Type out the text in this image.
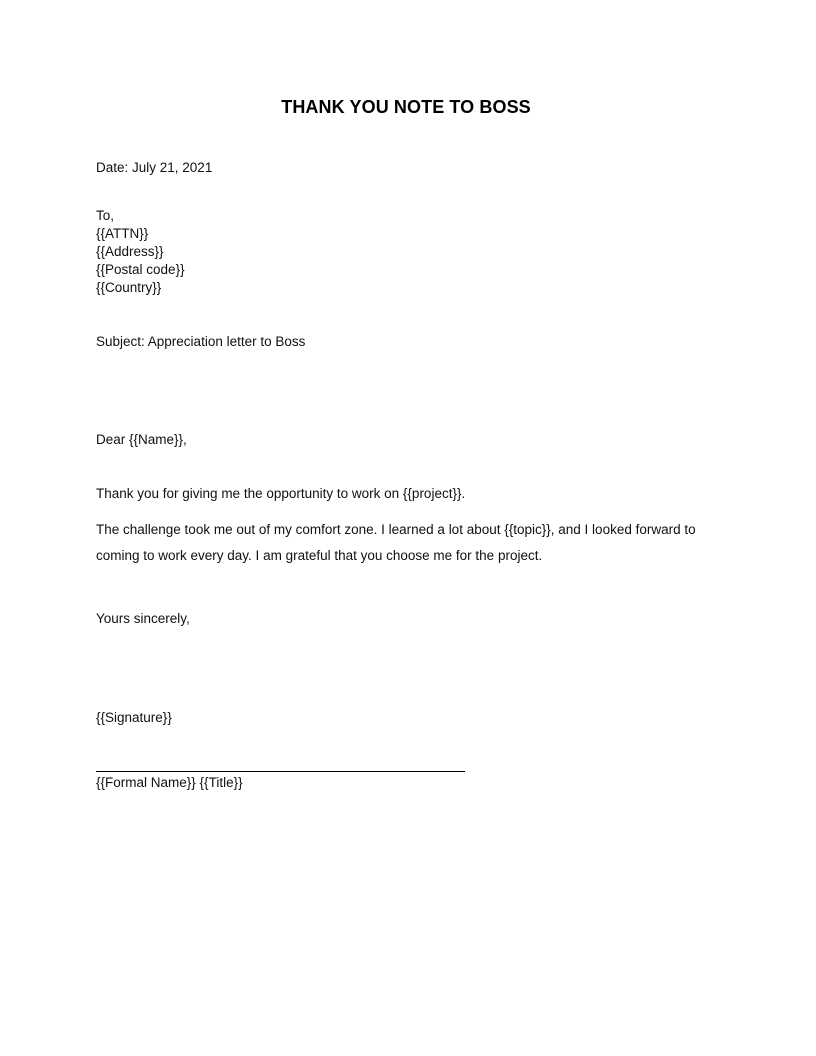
THANK YOU NOTE TO BOSS
Date: July 21, 2021
To,
{{ATTN}}
{{Address}}
{{Postal code}}
{{Country}}
Subject: Appreciation letter to Boss
Dear {{Name}},
Thank you for giving me the opportunity to work on {{project}}.
The challenge took me out of my comfort zone. I learned a lot about {{topic}}, and I looked forward to coming to work every day. I am grateful that you choose me for the project.
Yours sincerely,
{{Signature}}
{{Formal Name}} {{Title}}
